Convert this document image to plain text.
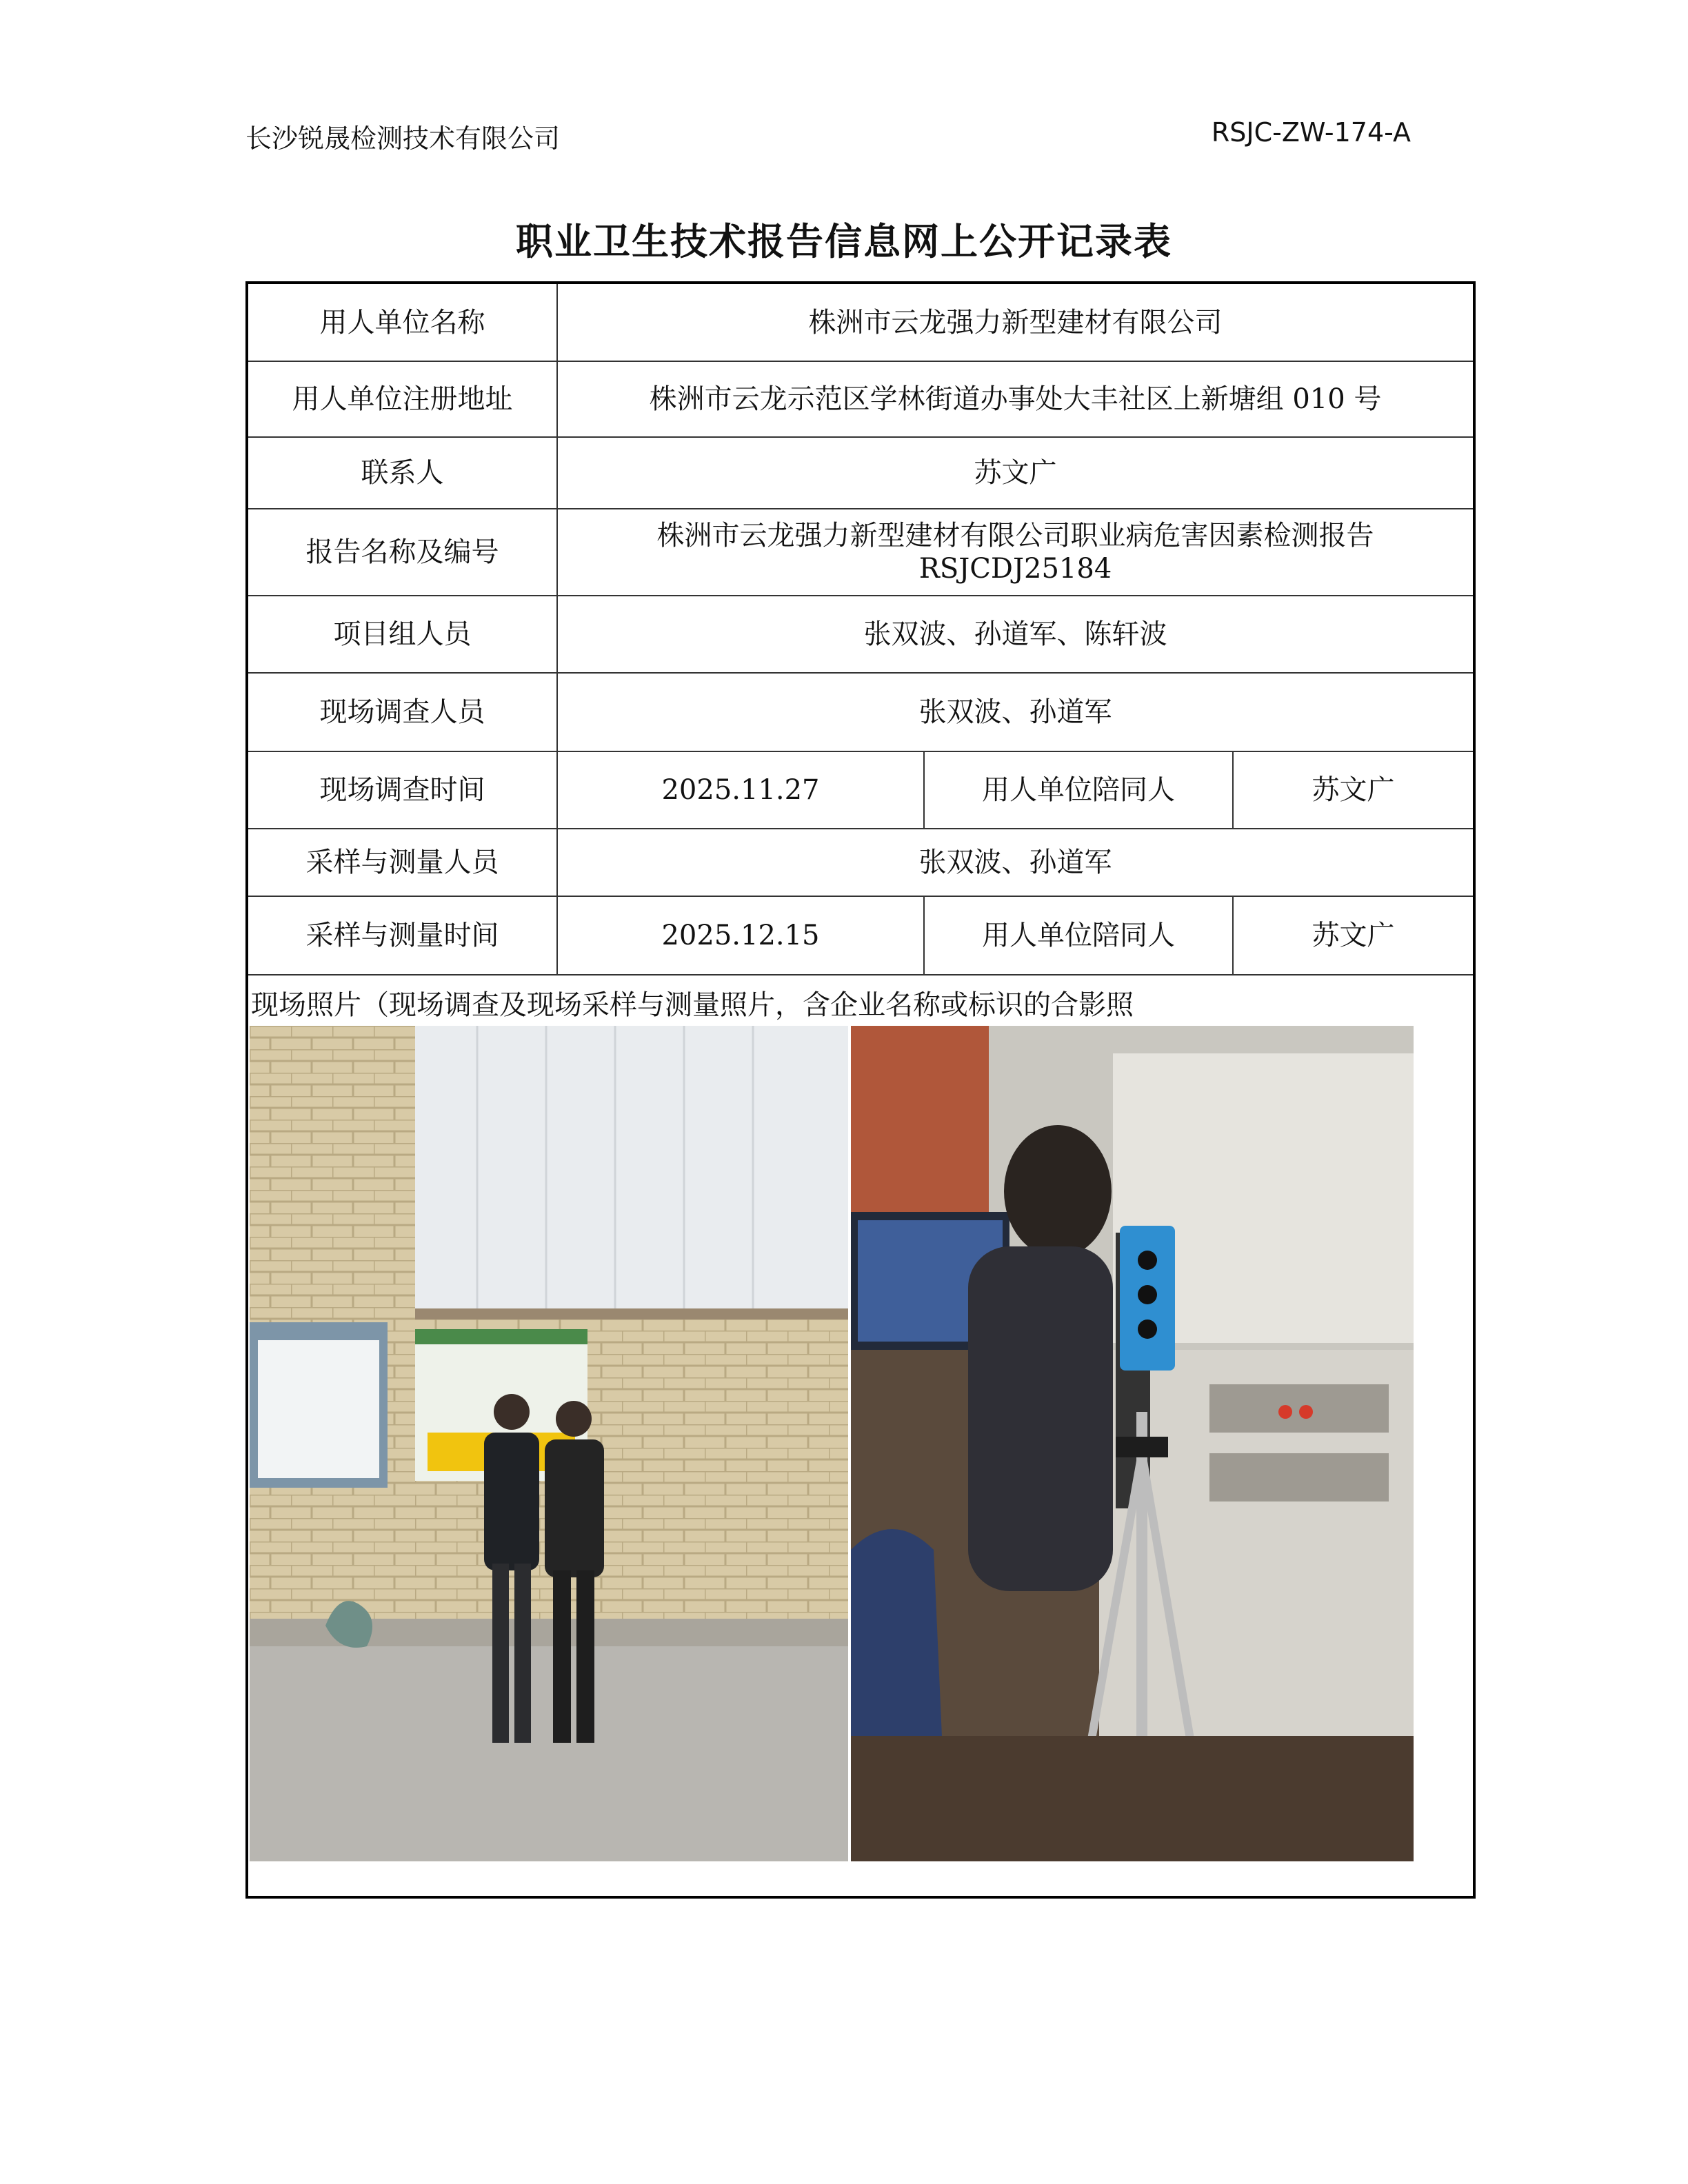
长沙锐晟检测技术有限公司	RSJC-ZW-174-A
职业卫生技术报告信息网上公开记录表
用人单位名称	株洲市云龙强力新型建材有限公司		
用人单位注册地址	株洲市云龙示范区学林街道办事处大丰社区上新塘组 010 号		
联系人	苏文广		
报告名称及编号	株洲市云龙强力新型建材有限公司职业病危害因素检测报告 RSJCDJ25184		
项目组人员	张双波、孙道军、陈轩波		
现场调查人员	张双波、孙道军		
现场调查时间	2025.11.27	用人单位陪同人	苏文广
采样与测量人员	张双波、孙道军		
采样与测量时间	2025.12.15	用人单位陪同人	苏文广
现场照片（现场调查及现场采样与测量照片，含企业名称或标识的合影照
